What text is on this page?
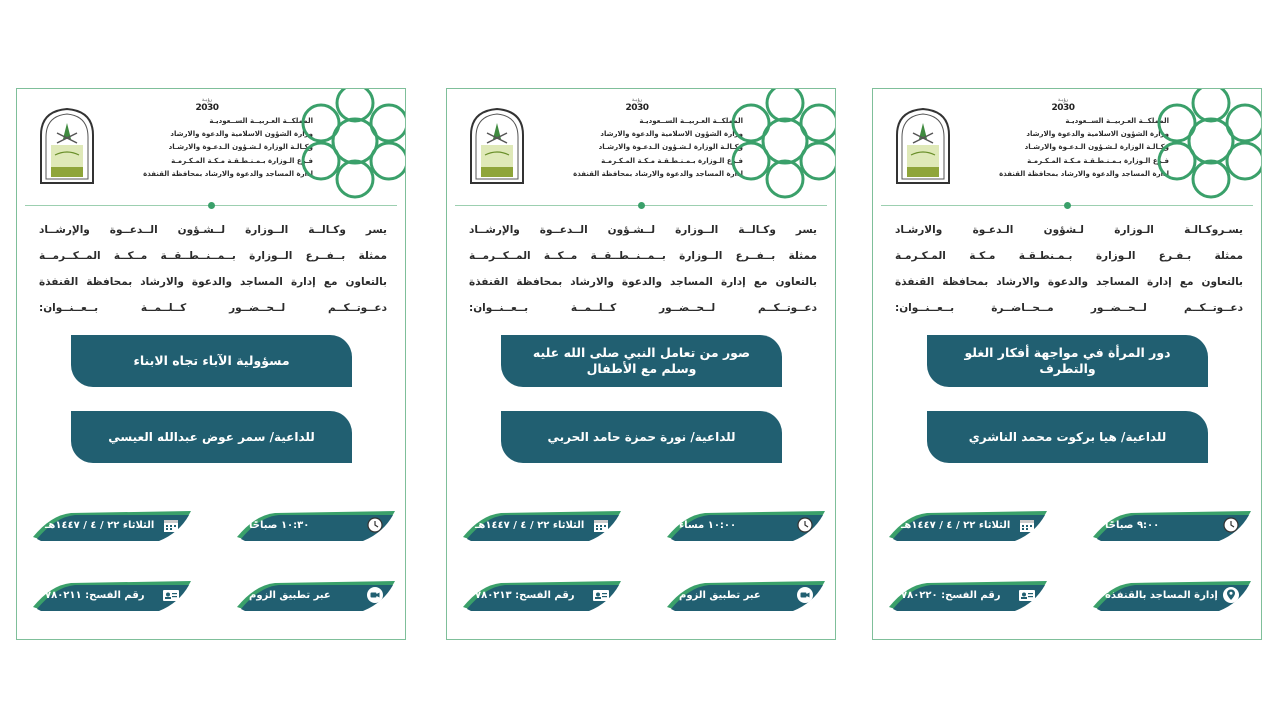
رؤيـة
2030
المملكــة العـربيــة الســعوديـة
وزارة الشؤون الاسلامية والدعوة والارشاد
وكـالـة الوزارة لـشـؤون الـدعـوة والارشـاد
فـرع الـوزارة بـمـنـطـقـة مـكـة المـكـرمـة
إدارة المساجد والدعوة والارشاد بمحافظة القنفذة
يسر وكـالــة الــوزارة لــشـؤون الــدعــوة والإرشــاد
ممثلة بــفــرع الــوزارة بــمــنــطــقــة مــكــة المــكــرمــة
بالتعاون مع إدارة المساجد والدعوة والارشاد بمحافظة القنفذة
دعــوتــكــم لــحــضــور كــلــمــة بــعــنــوان:
مسؤولية الآباء تجاه الابناء
للداعية/ سمر عوض عبدالله العيسي
الثلاثاء ٢٢ / ٤ / ١٤٤٧هـ	١٠:٣٠ صباحًا
رقم الفسح: ٧٨٠٢١١	عبر تطبيق الزوم
رؤيـة
2030
المملكــة العـربيــة الســعوديـة
وزارة الشؤون الاسلامية والدعوة والارشاد
وكـالـة الوزارة لـشـؤون الـدعـوة والارشـاد
فـرع الـوزارة بـمـنـطـقـة مـكـة المـكـرمـة
إدارة المساجد والدعوة والارشاد بمحافظة القنفذة
يسر وكـالــة الــوزارة لــشـؤون الــدعــوة والإرشــاد
ممثلة بــفــرع الــوزارة بــمــنــطــقــة مــكــة المــكــرمــة
بالتعاون مع إدارة المساجد والدعوة والارشاد بمحافظة القنفذة
دعــوتــكــم لــحــضــور كــلــمــة بــعــنــوان:
صور من تعامل النبي صلى الله عليه وسلم مع الأطفال
للداعية/ نورة حمزة حامد الحربي
الثلاثاء ٢٢ / ٤ / ١٤٤٧هـ	١٠:٠٠ مساء
رقم الفسح: ٧٨٠٢١٣	عبر تطبيق الزوم
رؤيـة
2030
المملكــة العـربيــة الســعوديـة
وزارة الشؤون الاسلامية والدعوة والارشاد
وكـالـة الوزارة لـشـؤون الـدعـوة والارشـاد
فـرع الـوزارة بـمـنـطـقـة مـكـة المـكـرمـة
إدارة المساجد والدعوة والارشاد بمحافظة القنفذة
يسـروكـالـة الـوزارة لـشؤون الـدعـوة والارشـاد
ممثلة بـفـرع الـوزارة بـمـنطـقـة مـكـة المـكـرمـة
بالتعاون مع إدارة المساجد والدعوة والارشاد بمحافظة القنفذة
دعــوتــكــم لــحــضــور مــحــاضــرة بــعــنــوان:
دور المرأة في مواجهة أفكار الغلو والتطرف
للداعية/ هيا بركوت محمد الناشري
الثلاثاء ٢٢ / ٤ / ١٤٤٧هـ	٩:٠٠ صباحًا
رقم الفسح: ٧٨٠٢٢٠	إدارة المساجد بالقنفذة
